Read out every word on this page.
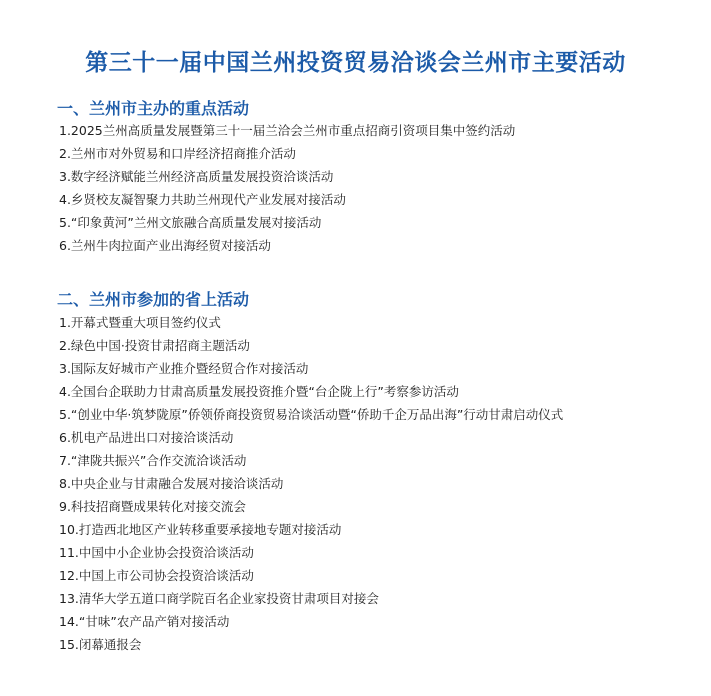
第三十一届中国兰州投资贸易洽谈会兰州市主要活动
一、兰州市主办的重点活动
1.2025兰州高质量发展暨第三十一届兰洽会兰州市重点招商引资项目集中签约活动
2.兰州市对外贸易和口岸经济招商推介活动
3.数字经济赋能兰州经济高质量发展投资洽谈活动
4.乡贤校友凝智聚力共助兰州现代产业发展对接活动
5.“印象黄河”兰州文旅融合高质量发展对接活动
6.兰州牛肉拉面产业出海经贸对接活动
二、兰州市参加的省上活动
1.开幕式暨重大项目签约仪式
2.绿色中国·投资甘肃招商主题活动
3.国际友好城市产业推介暨经贸合作对接活动
4.全国台企联助力甘肃高质量发展投资推介暨“台企陇上行”考察参访活动
5.“创业中华·筑梦陇原”侨领侨商投资贸易洽谈活动暨“侨助千企万品出海”行动甘肃启动仪式
6.机电产品进出口对接洽谈活动
7.“津陇共振兴”合作交流洽谈活动
8.中央企业与甘肃融合发展对接洽谈活动
9.科技招商暨成果转化对接交流会
10.打造西北地区产业转移重要承接地专题对接活动
11.中国中小企业协会投资洽谈活动
12.中国上市公司协会投资洽谈活动
13.清华大学五道口商学院百名企业家投资甘肃项目对接会
14.“甘味”农产品产销对接活动
15.闭幕通报会
